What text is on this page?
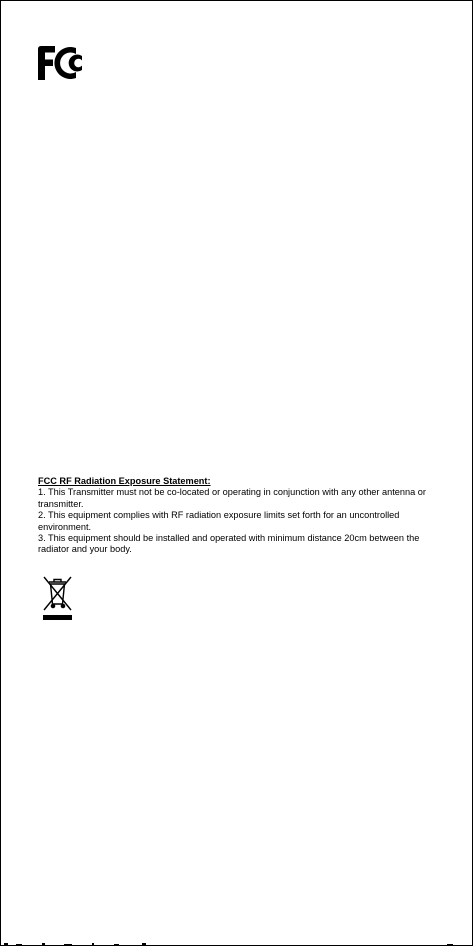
FCC RF Radiation Exposure Statement:

1. This Transmitter must not be co-located or operating in conjunction with any other antenna or transmitter.

2. This equipment complies with RF radiation exposure limits set forth for an uncontrolled environment.

3. This equipment should be installed and operated with minimum distance 20cm between the radiator and your body.
